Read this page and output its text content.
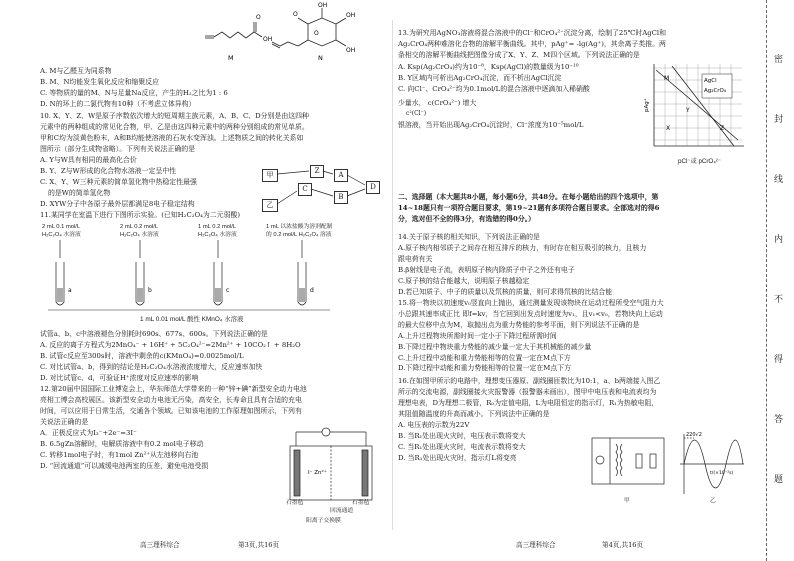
O
OH
OH
OH
OH
O
O
M	N
A. M与乙醛互为同系物
B. M、N均能发生氧化反应和缩聚反应
C. 等物质的量的M、N与足量Na反应，产生的H₂之比为1 : 6
D. N的环上的二氯代物有10种（不考虑立体异构）
10. X、Y、Z、W是原子序数依次增大的短周期主族元素，A、B、C、D分别是由这四种
元素中的两种组成的常见化合物，甲、乙是由这四种元素中的两种分别组成的常见单质。
甲和C均为淡黄色粉末，A和B均能使溶液的石灰水变浑浊。上述物质之间的转化关系如
图所示（部分生成物省略）。下列有关说法正确的是
A. Y与W具有相同的最高化合价
B. Y、Z与W形成的化合物水溶液一定呈中性
C. X、Y、W三种元素的简单氢化物中热稳定性最强
的是W的简单氢化物
D. XYW分子中各原子最外层都满足8电子稳定结构
甲	Z
C
A
B
D
乙
11.某同学在室温下进行下图所示实验。(已知H₂C₂O₄为二元弱酸)
2 mL 0.1 mol/L
H₂C₂O₄ 水溶液
2 mL 0.2 mol/L
H₂C₂O₄ 水溶液
1 mL 0.2 mol/L
H₂C₂O₄ 水溶液
1 mL 以浓盐酸为溶剂配制
的 0.2 mol/L H₂C₂O₄ 溶液
a	b	c	d
1 mL 0.01 mol/L 酸性 KMnO₄ 水溶液
试管a、b、c中溶液褪色分别耗时690s、677s、600s。下列说法正确的是
A. 反应的离子方程式为2MnO₄⁻ + 16H⁺ + 5C₂O₄²⁻=2Mn²⁺ + 10CO₂↑ + 8H₂O
B. 试管c反应至300s时，溶液中剩余的c(KMnO₄)=0.0025mol/L
C. 对比试管a、b，得到的结论是H₂C₂O₄水溶液浓度增大，反应速率加快
D. 对比试管c、d，可验证H⁺浓度对反应速率的影响
12.第20届中国国际工业博览会上，华东师范大学带来的一种“锌+碘”新型安全动力电池
亮相工博会高校展区。该新型安全动力电池无污染，高安全，长寿命且具有合适的充电
时间，可以应用于日常生活，交通各个领域。已知该电池的工作原理如图所示，下列有
关说法正确的是
A．正极反应式为I₃⁻+2e⁻=3I⁻
B. 6.5gZn溶解时，电解质溶液中有0.2 mol电子移动
C. 转移1mol电子时，有1mol Zn²⁺从左池移向右池
D. “回流通道”可以减缓电池两室的压差，避免电池受损
I⁻ Zn²⁺
石墨毡	石墨毡
回流通道
阳离子交换膜
高三理科综合	第3页,共16页
13.为研究用AgNO₃溶液将混合溶液中的Cl⁻和CrO₄²⁻沉淀分离，绘制了25℃时AgCl和
Ag₂CrO₄两种难溶化合物的溶解平衡曲线。其中，pAg⁺= -lg(Ag⁺)，其余离子类推。两
条相交的溶解平衡曲线把图像分成了X、Y、Z、M四个区域。下列说法正确的是
A. Ksp(Ag₂CrO₄)约为10⁻⁸，Ksp(AgCl)的数量级为10⁻¹⁰
B. Y区域内可析出Ag₂CrO₄沉淀，而不析出AgCl沉淀
C. 向Cl⁻、CrO₄²⁻均为0.1mol/L的混合溶液中逐滴加入稀硝酸
少量水， c(CrO₄²⁻) 增大
c²(Cl⁻)
银溶液，当开始出现Ag₂CrO₄沉淀时，Cl⁻浓度为10⁻⁵mol/L
AgCl
Ag₂CrO₄
X
Y
Z
M
pAg⁺
pCl⁻或 pCrO₄²⁻
二、选择题（本大题共8小题，每小题6分，共48分。在每小题给出的四个选项中，第
14~18题只有一项符合题目要求，第19~21题有多项符合题目要求。全部选对的得6
分，选对但不全的得3分，有选错的得0分。）
14.关于原子核的相关知识，下列说法正确的是
A.原子核内相邻质子之间存在相互排斥的核力，有时存在相互吸引的核力，且核力
跟电荷有关
B.β射线是电子流，表明原子核内除质子中子之外还有电子
C.原子核的结合能越大，说明原子核越稳定
D.若已知质子、中子的质量以及氘核的质量，则可求得氘核的比结合能
15.将一物块以初速度v₀竖直向上抛出，通过测量发现该物块在运动过程所受空气阻力大
小总跟其速率成正比 即f=kv，当它回到出发点时速度为v₁，且v₁<v₀，若物块向上运动
的最大位移中点为M，取抛出点为重力势能的参考平面，则下列说法不正确的是
A.上升过程物块所需时间一定小于下降过程所需时间
B.下降过程中物块重力势能的减少量一定大于其机械能的减少量
C.上升过程中动能和重力势能相等的位置一定在M点下方
D.下降过程中动能和重力势能相等的位置一定在M点下方
16.在如图甲所示的电路中，理想变压器原、副线圈匝数比为10:1，a、b两端接入图乙
所示的交流电源，副线圈接火灾报警器（报警器未画出），图甲中电压表和电流表均为
理想电表，D为理想二极管，R₀为定值电阻，L为电阻恒定的指示灯，R₁为热敏电阻，
其阻值随温度的升高而减小。下列说法中正确的是
A. 电压表的示数为22V
B. 当R₁处出现火灾时，电压表示数将变大
C. 当R₁处出现火灾时，电流表示数将变大
D. 当R₁处出现火灾时，指示灯L将变亮
220√2
t/(×10⁻²s)
甲	乙
高三理科综合	第4页,共16页
密
封
线
内
不
得
答
题
